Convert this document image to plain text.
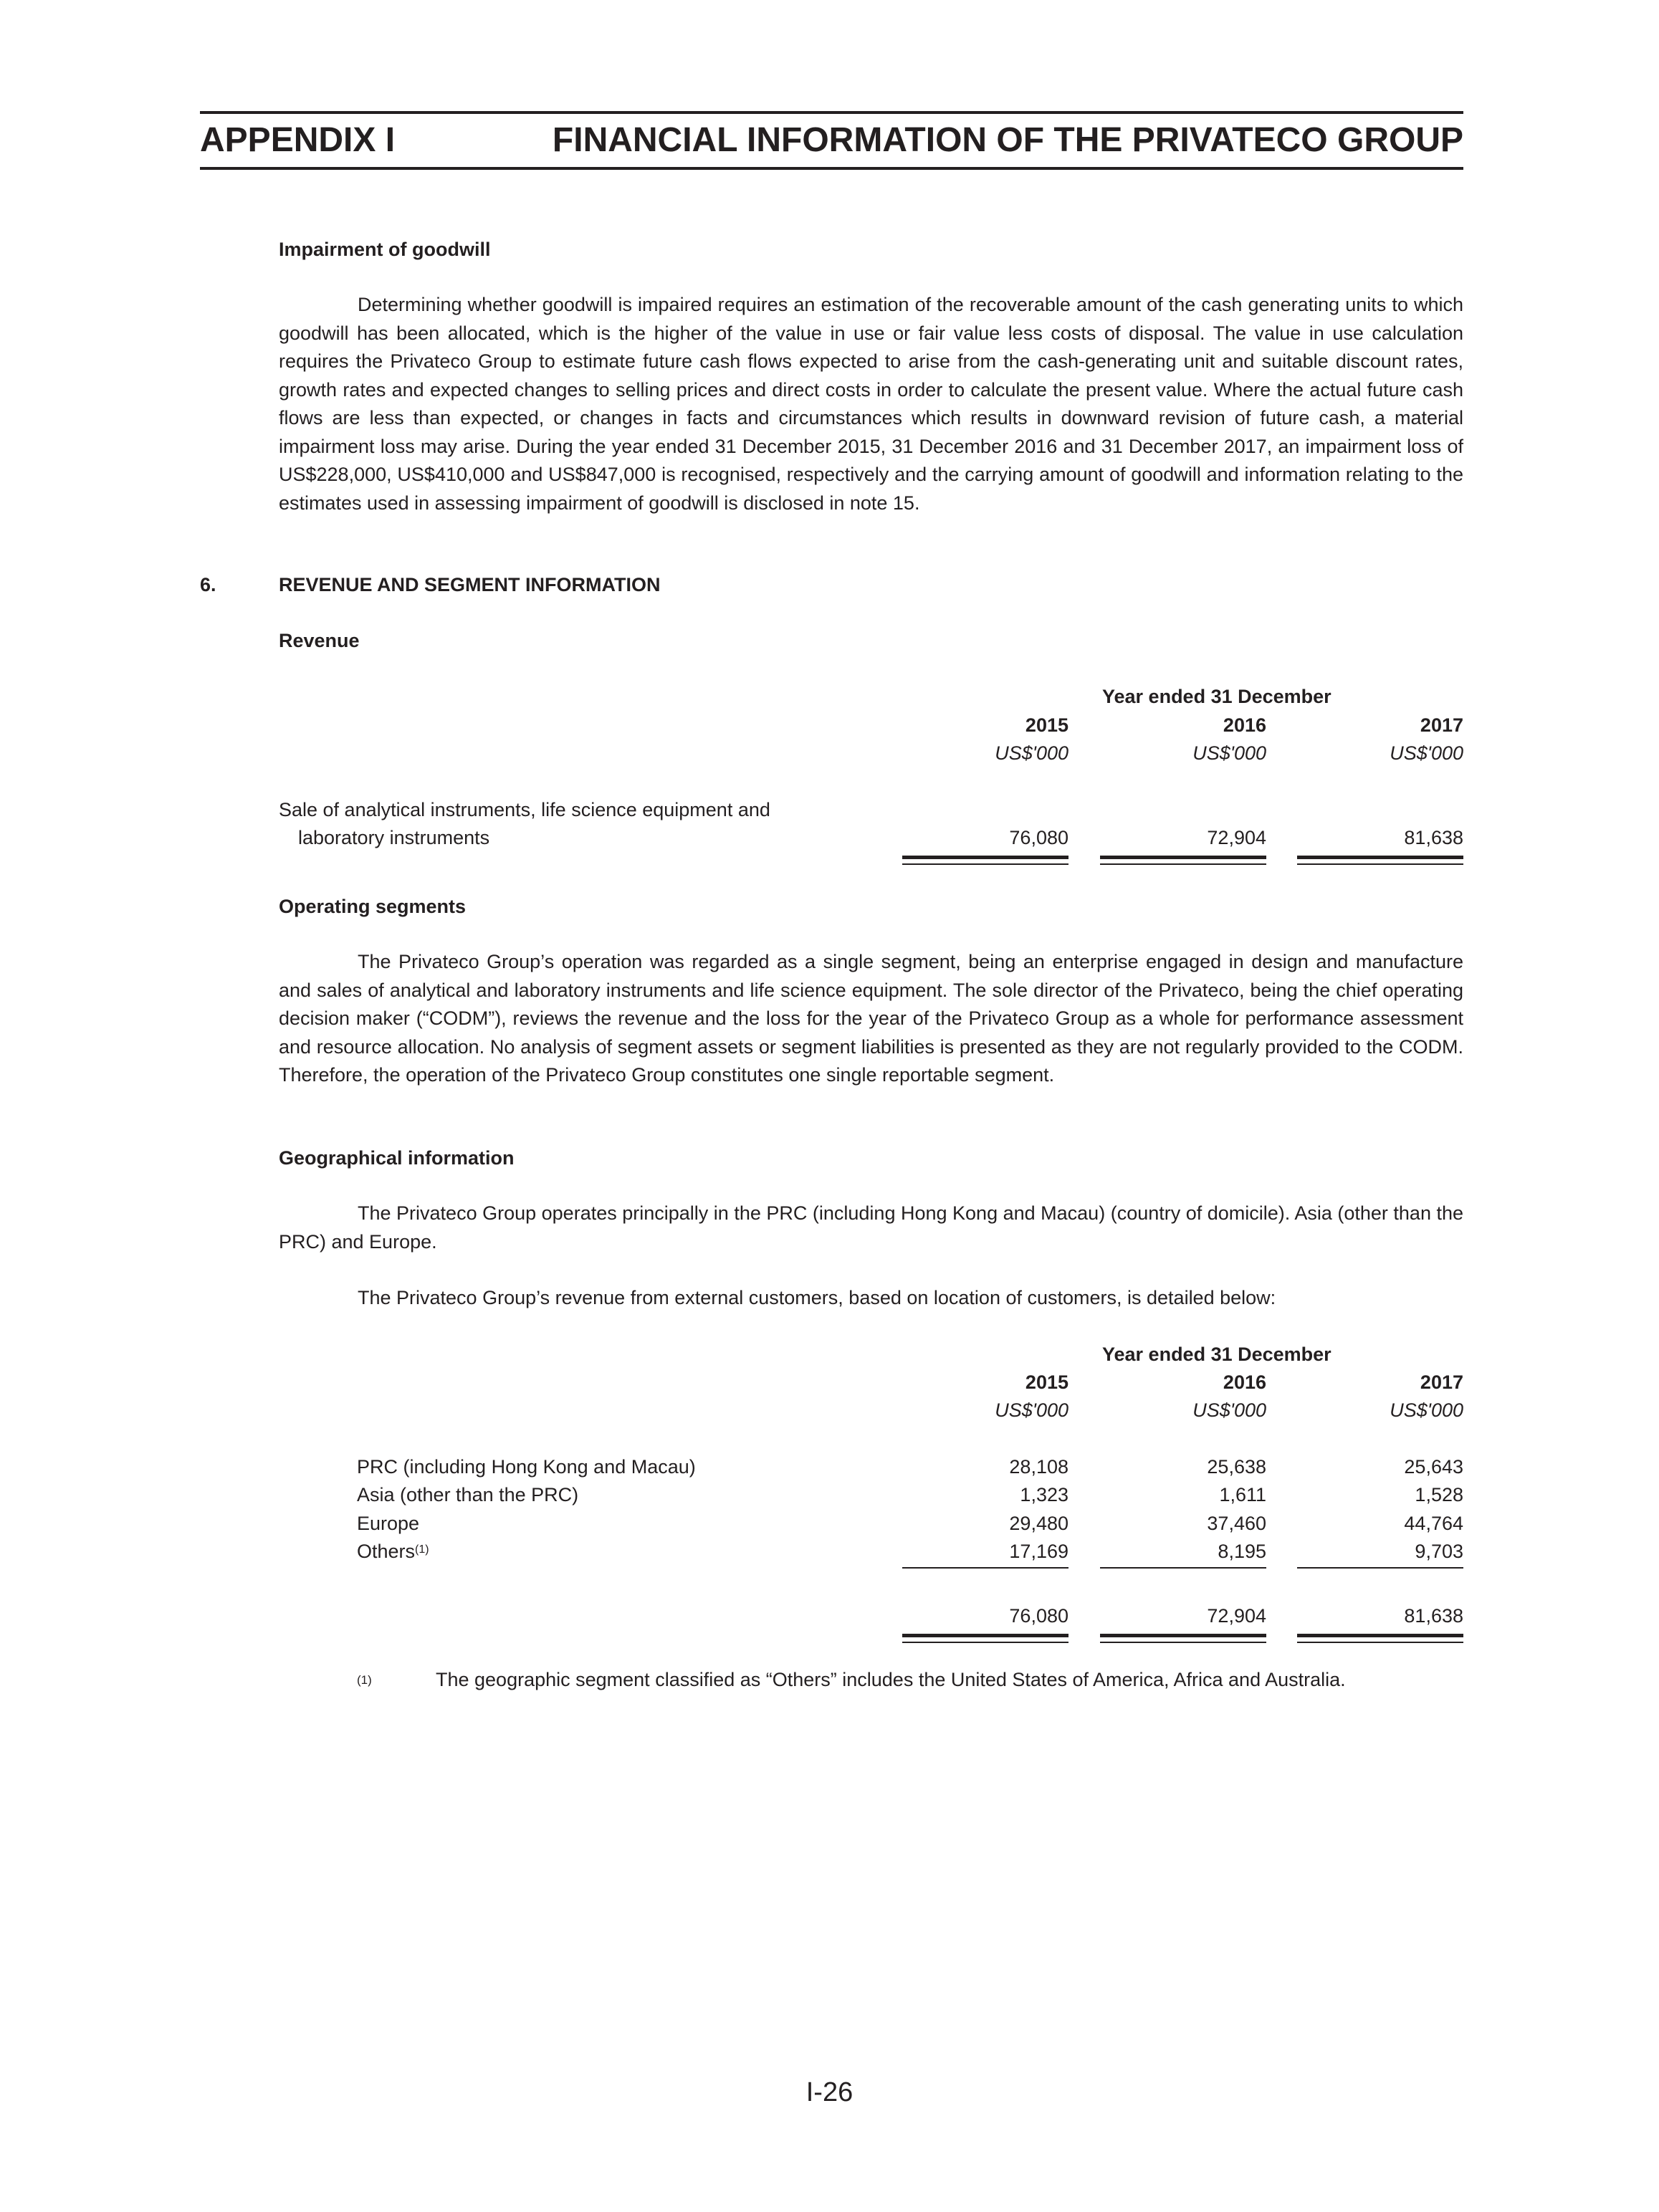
APPENDIX I	FINANCIAL INFORMATION OF THE PRIVATECO GROUP
Impairment of goodwill
Determining whether goodwill is impaired requires an estimation of the recoverable amount of the cash generating units to which goodwill has been allocated, which is the higher of the value in use or fair value less costs of disposal. The value in use calculation requires the Privateco Group to estimate future cash flows expected to arise from the cash-generating unit and suitable discount rates, growth rates and expected changes to selling prices and direct costs in order to calculate the present value. Where the actual future cash flows are less than expected, or changes in facts and circumstances which results in downward revision of future cash, a material impairment loss may arise. During the year ended 31 December 2015, 31 December 2016 and 31 December 2017, an impairment loss of US$228,000, US$410,000 and US$847,000 is recognised, respectively and the carrying amount of goodwill and information relating to the estimates used in assessing impairment of goodwill is disclosed in note 15.
6.	REVENUE AND SEGMENT INFORMATION
Revenue
Year ended 31 December
2015	2016	2017
US$'000	US$'000	US$'000
Sale of analytical instruments, life science equipment and
laboratory instruments	76,080	72,904	81,638
Operating segments
The Privateco Group’s operation was regarded as a single segment, being an enterprise engaged in design and manufacture and sales of analytical and laboratory instruments and life science equipment. The sole director of the Privateco, being the chief operating decision maker (“CODM”), reviews the revenue and the loss for the year of the Privateco Group as a whole for performance assessment and resource allocation. No analysis of segment assets or segment liabilities is presented as they are not regularly provided to the CODM. Therefore, the operation of the Privateco Group constitutes one single reportable segment.
Geographical information
The Privateco Group operates principally in the PRC (including Hong Kong and Macau) (country of domicile). Asia (other than the PRC) and Europe.
The Privateco Group’s revenue from external customers, based on location of customers, is detailed below:
Year ended 31 December
2015	2016	2017
US$'000	US$'000	US$'000
PRC (including Hong Kong and Macau)	28,108	25,638	25,643
Asia (other than the PRC)	1,323	1,611	1,528
Europe	29,480	37,460	44,764
Others$^{(1)}$	17,169	8,195	9,703
76,080	72,904	81,638
(1)	The geographic segment classified as “Others” includes the United States of America, Africa and Australia.
I-26
